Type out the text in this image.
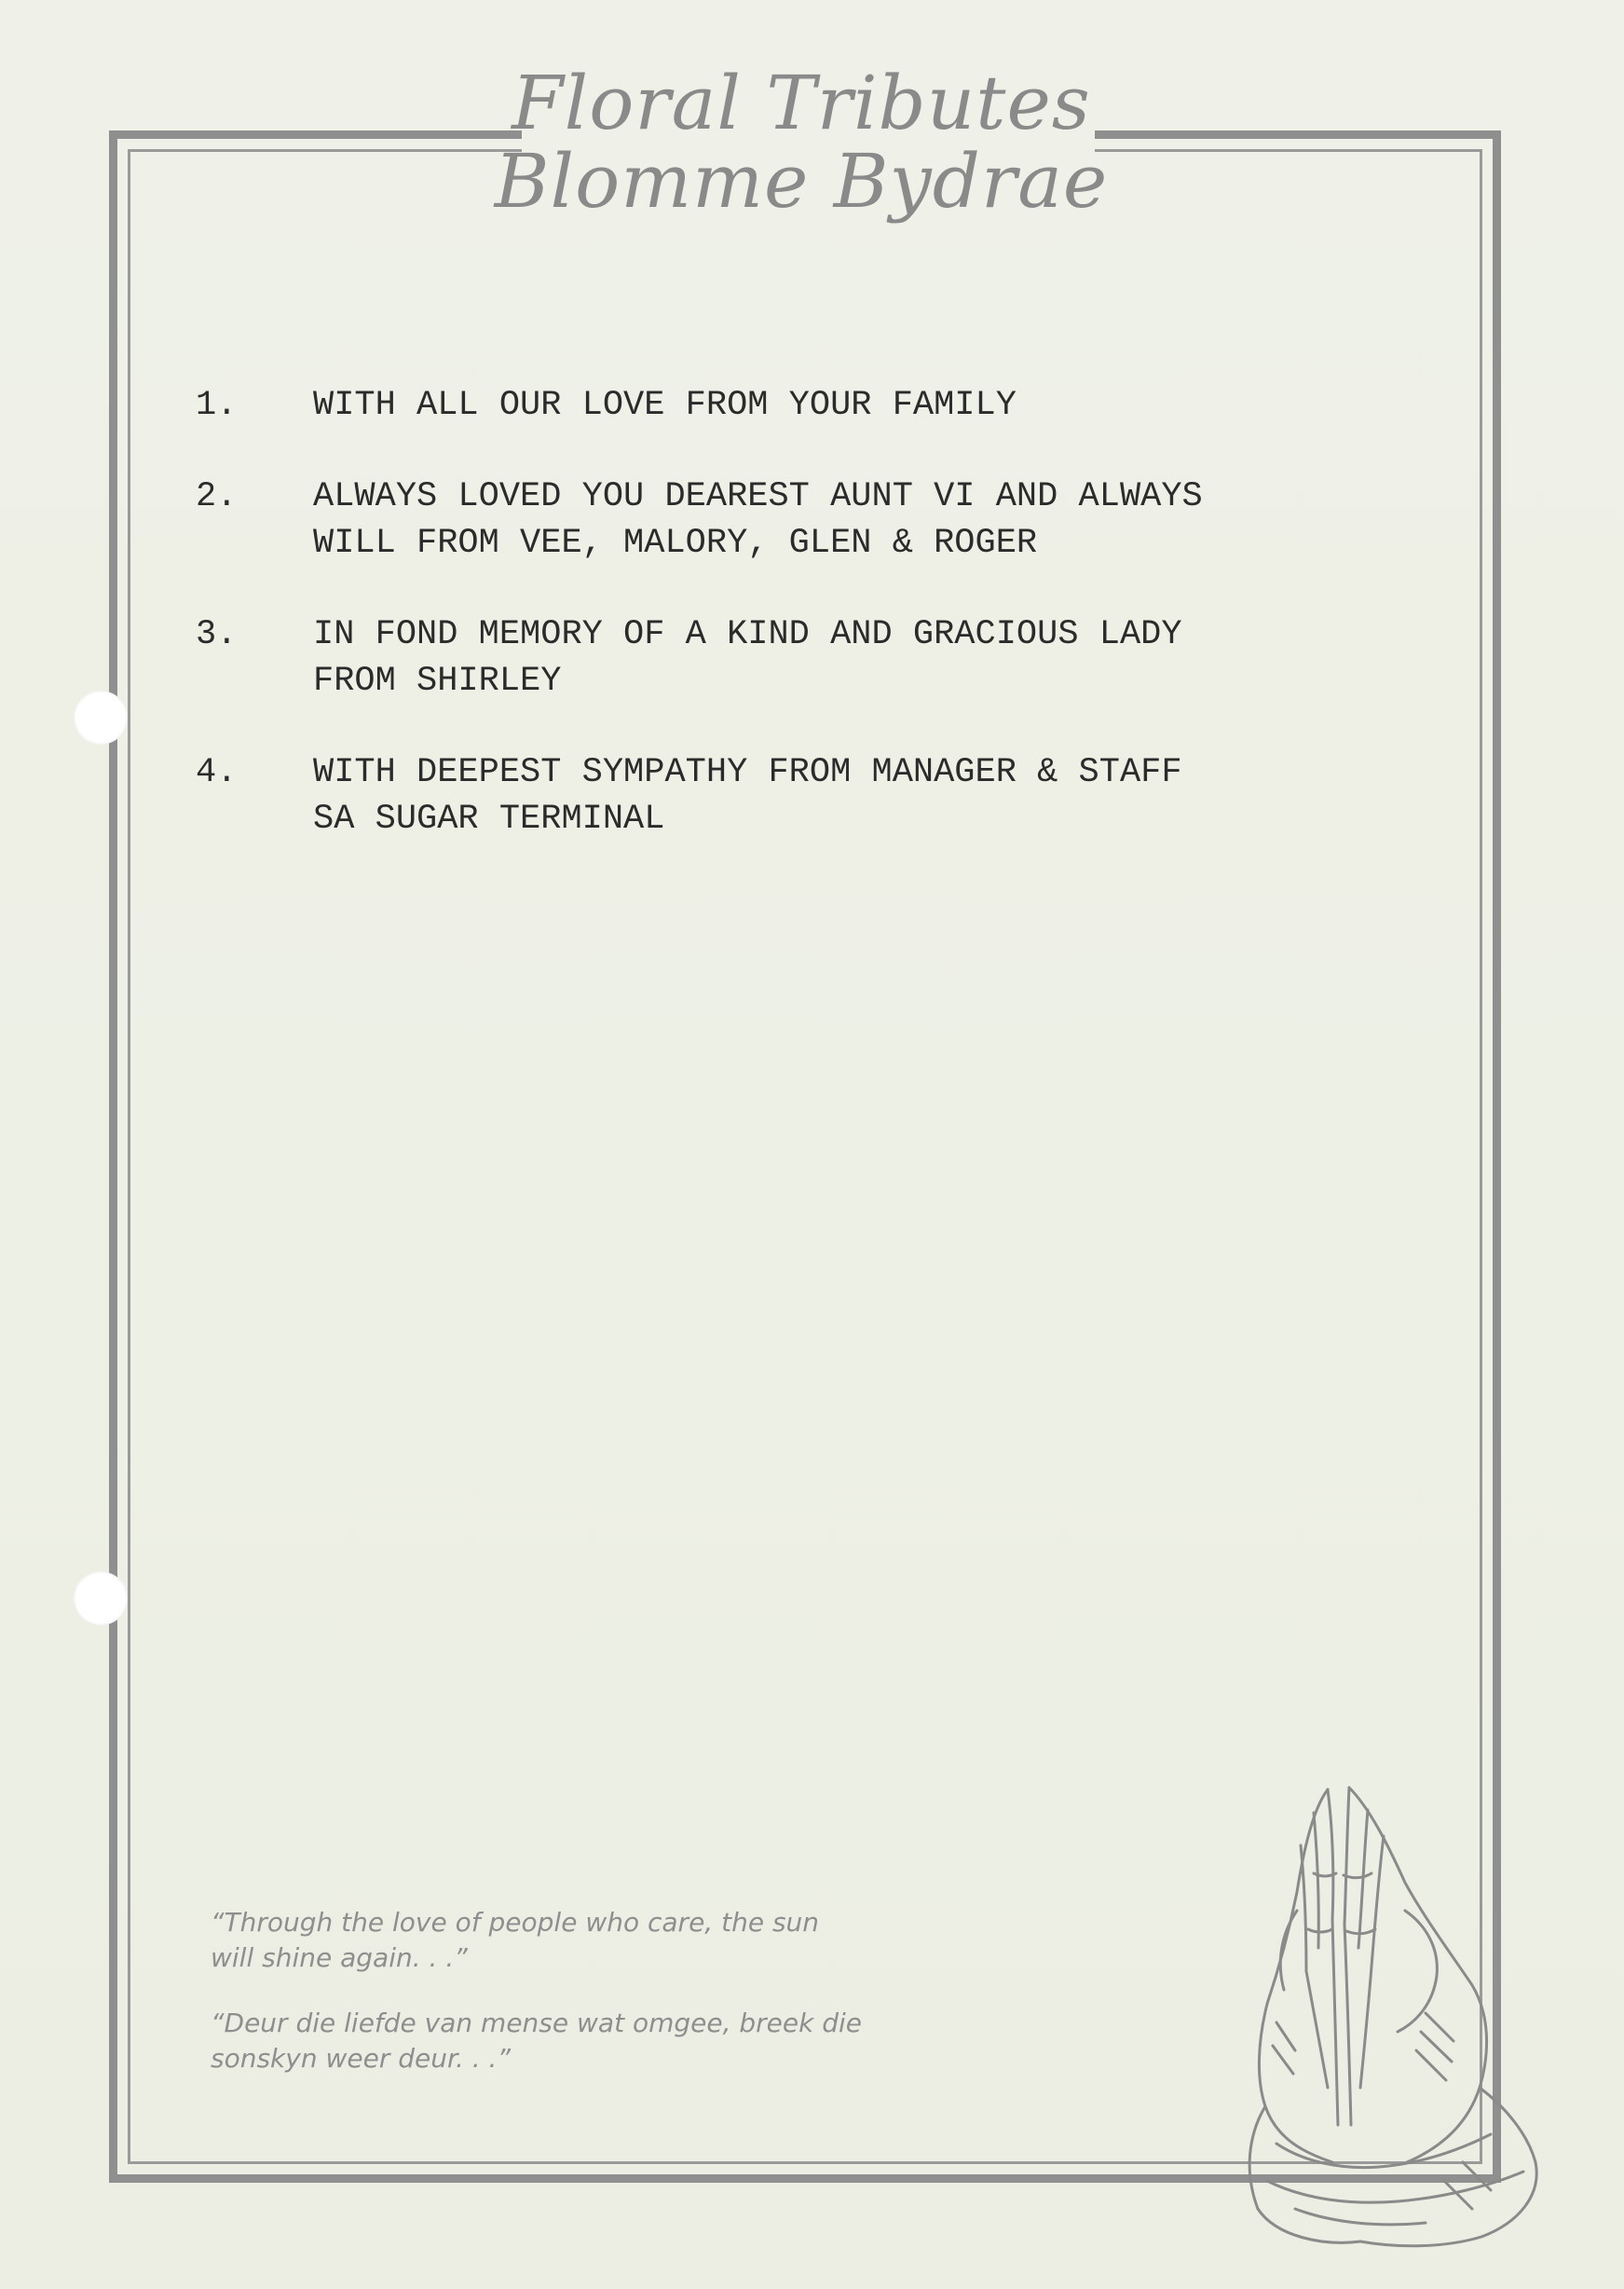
Floral Tributes
Blomme Bydrae
1.	WITH ALL OUR LOVE FROM YOUR FAMILY
2.	ALWAYS LOVED YOU DEAREST AUNT VI AND ALWAYS
WILL FROM VEE, MALORY, GLEN & ROGER
3.	IN FOND MEMORY OF A KIND AND GRACIOUS LADY
FROM SHIRLEY
4.	WITH DEEPEST SYMPATHY FROM MANAGER & STAFF
SA SUGAR TERMINAL
“Through the love of people who care, the sun
will shine again. . .”
“Deur die liefde van mense wat omgee, breek die
sonskyn weer deur. . .”
